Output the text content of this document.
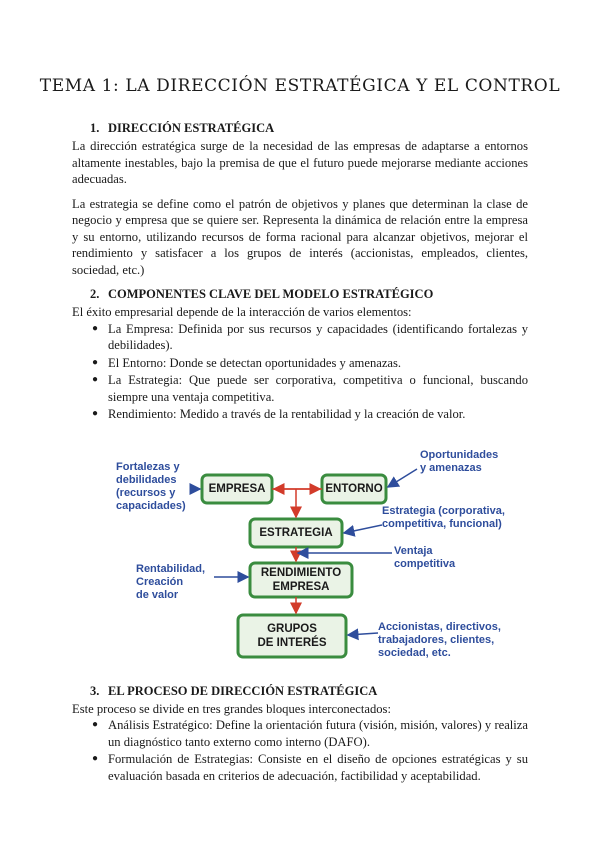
TEMA 1: LA DIRECCIÓN ESTRATÉGICA Y EL CONTROL
1. DIRECCIÓN ESTRATÉGICA

La dirección estratégica surge de la necesidad de las empresas de adaptarse a entornos altamente inestables, bajo la premisa de que el futuro puede mejorarse mediante acciones adecuadas.

La estrategia se define como el patrón de objetivos y planes que determinan la clase de negocio y empresa que se quiere ser. Representa la dinámica de relación entre la empresa y su entorno, utilizando recursos de forma racional para alcanzar objetivos, mejorar el rendimiento y satisfacer a los grupos de interés (accionistas, empleados, clientes, sociedad, etc.)

2. COMPONENTES CLAVE DEL MODELO ESTRATÉGICO

El éxito empresarial depende de la interacción de varios elementos:

● La Empresa: Definida por sus recursos y capacidades (identificando fortalezas y debilidades).
● El Entorno: Donde se detectan oportunidades y amenazas.
● La Estrategia: Que puede ser corporativa, competitiva o funcional, buscando siempre una ventaja competitiva.
● Rendimiento: Medido a través de la rentabilidad y la creación de valor.
EMPRESA	ENTORNO
ESTRATEGIA
RENDIMIENTO
EMPRESA
GRUPOS
DE INTERÉS
Fortalezas y
debilidades
(recursos y
capacidades)
Oportunidades
y amenazas
Estrategia (corporativa,
competitiva, funcional)
Ventaja
competitiva
Rentabilidad,
Creación
de valor
Accionistas, directivos,
trabajadores, clientes,
sociedad, etc.
3. EL PROCESO DE DIRECCIÓN ESTRATÉGICA

Este proceso se divide en tres grandes bloques interconectados:

● Análisis Estratégico: Define la orientación futura (visión, misión, valores) y realiza un diagnóstico tanto externo como interno (DAFO).
● Formulación de Estrategias: Consiste en el diseño de opciones estratégicas y su evaluación basada en criterios de adecuación, factibilidad y aceptabilidad.
